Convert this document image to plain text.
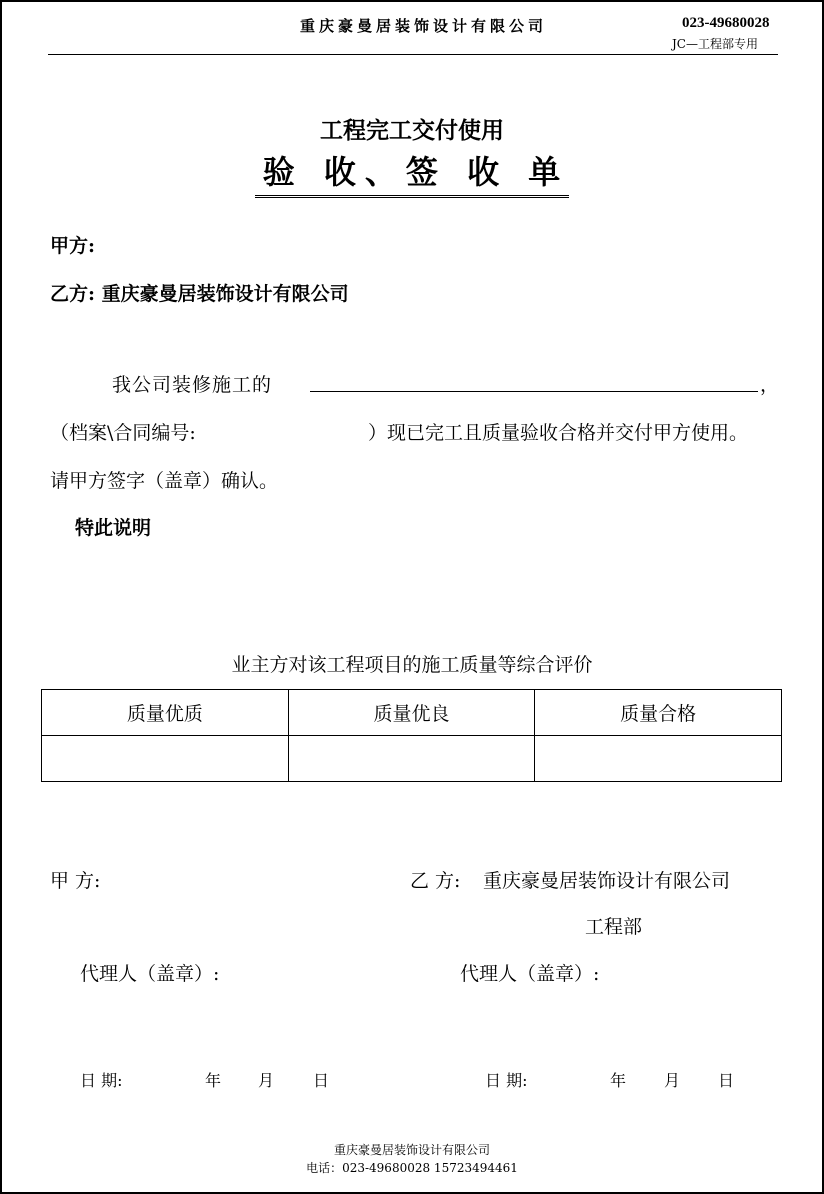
重庆豪曼居装饰设计有限公司	023-49680028
JC—工程部专用
工程完工交付使用
验 收、签 收 单
甲方:
乙方: 重庆豪曼居装饰设计有限公司
我公司装修施工的	，
（档案\合同编号:	）现已完工且质量验收合格并交付甲方使用。
请甲方签字（盖章）确认。
特此说明
业主方对该工程项目的施工质量等综合评价
质量优质	质量优良	质量合格

甲 方:	乙 方: 重庆豪曼居装饰设计有限公司
工程部
代理人（盖章）:	代理人（盖章）:
日 期:	年 月 日	日 期:	年 月 日
重庆豪曼居装饰设计有限公司
电话：023-49680028 15723494461
